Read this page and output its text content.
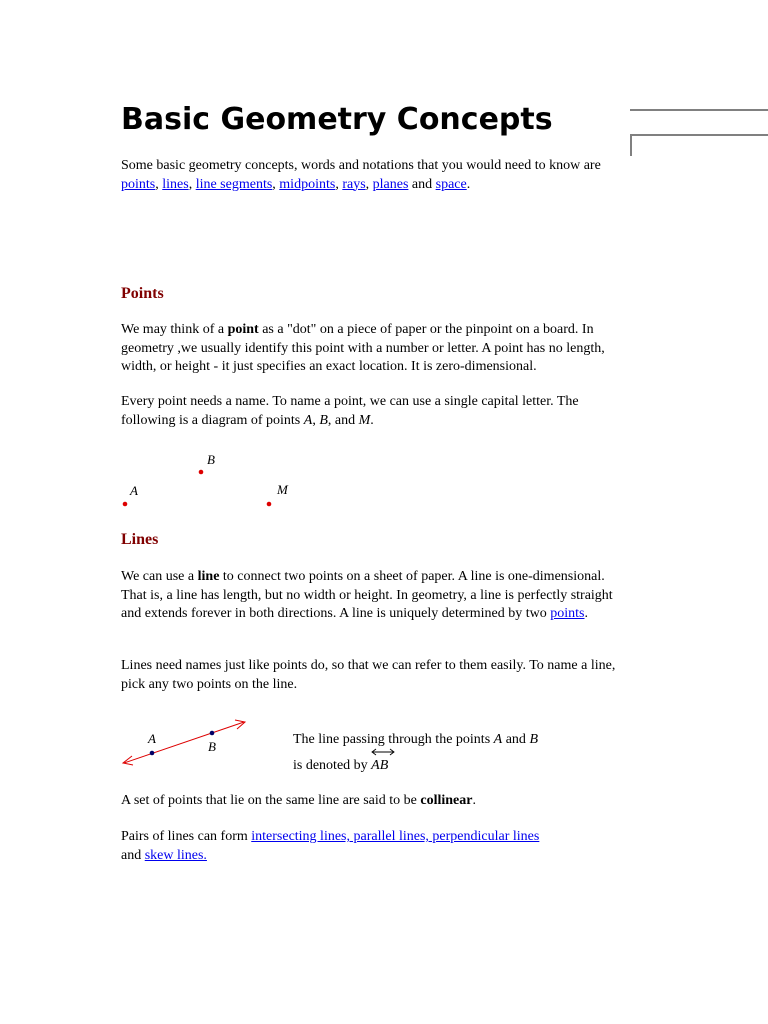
Basic Geometry Concepts

Some basic geometry concepts, words and notations that you would need to know are points, lines, line segments, midpoints, rays, planes and space.

Points

We may think of a point as a "dot" on a piece of paper or the pinpoint on a board. In geometry ,we usually identify this point with a number or letter. A point has no length, width, or height - it just specifies an exact location. It is zero-dimensional.

Every point needs a name. To name a point, we can use a single capital letter. The following is a diagram of points A, B, and M.

A
B
M
Lines

We can use a line to connect two points on a sheet of paper. A line is one-dimensional. That is, a line has length, but no width or height. In geometry, a line is perfectly straight and extends forever in both directions. A line is uniquely determined by two points.

Lines need names just like points do, so that we can refer to them easily. To name a line, pick any two points on the line.

A
B	The line passing through the points A and B

is denoted by AB

A set of points that lie on the same line are said to be collinear.

Pairs of lines can form intersecting lines, parallel lines, perpendicular lines and skew lines.
